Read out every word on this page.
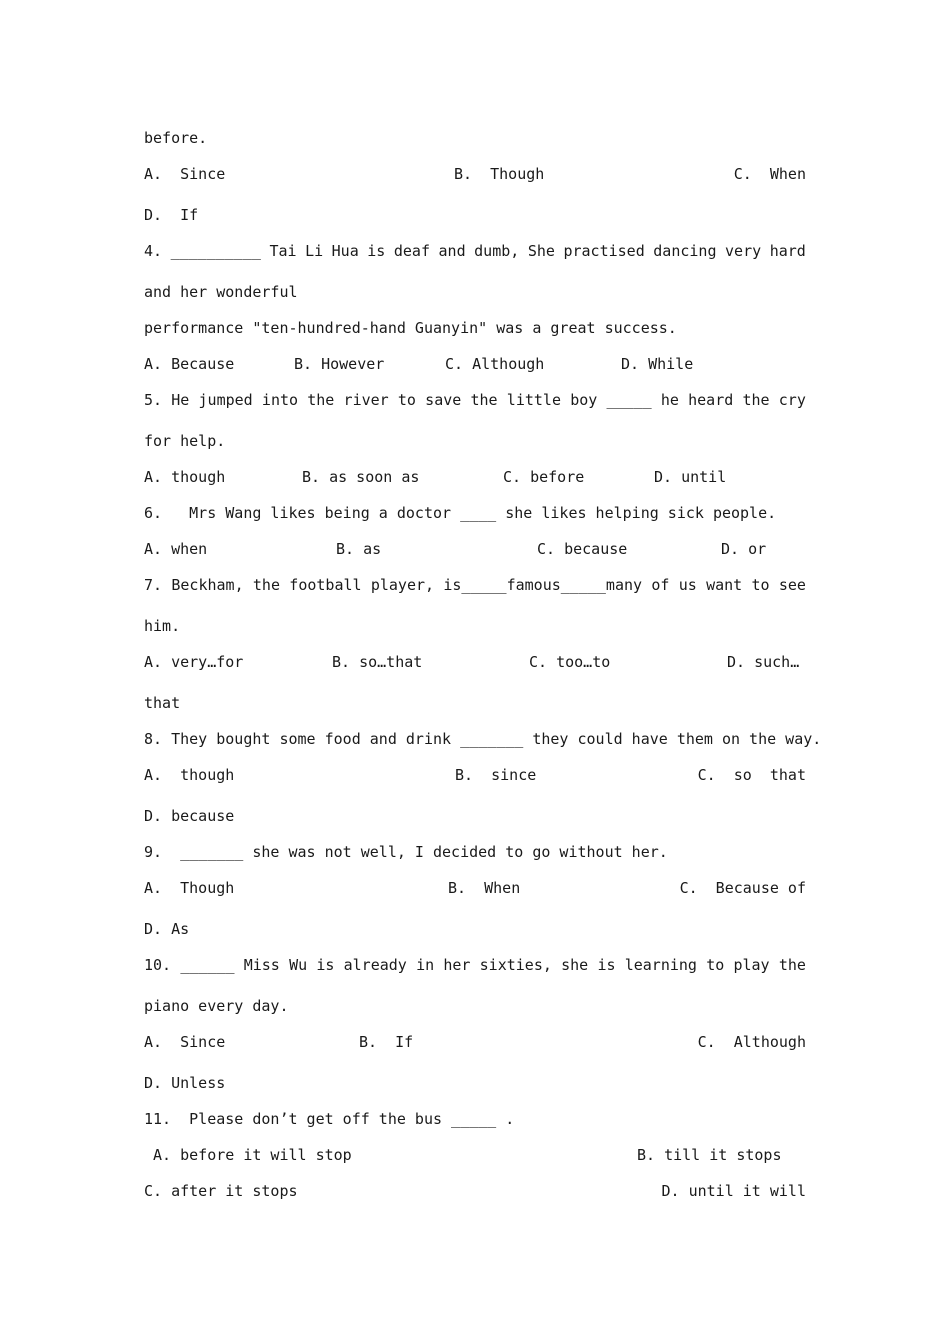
before.
A.  Since	B.  Though	C.  When
D.  If
4. __________ Tai Li Hua is deaf and dumb, She practised dancing very hard
and her wonderful
performance "ten-hundred-hand Guanyin" was a great success.
A. Because	B. However	C. Although	D. While
5. He jumped into the river to save the little boy _____ he heard the cry
for help.
A. though	B. as soon as	C. before	D. until
6.   Mrs Wang likes being a doctor ____ she likes helping sick people.
A. when	B. as	C. because	D. or
7. Beckham, the football player, is_____famous_____many of us want to see
him.
A. very…for	B. so…that	C. too…to	D. such…
that
8. They bought some food and drink _______ they could have them on the way.
A.  though	B.  since	C.  so  that
D. because
9.  _______ she was not well, I decided to go without her.
A.  Though	B.  When	C.  Because of
D. As
10. ______ Miss Wu is already in her sixties, she is learning to play the
piano every day.
A.  Since	B.  If	C.  Although
D. Unless
11.  Please don’t get off the bus _____ .
A. before it will stop	B. till it stops
C. after it stops	D. until it will
